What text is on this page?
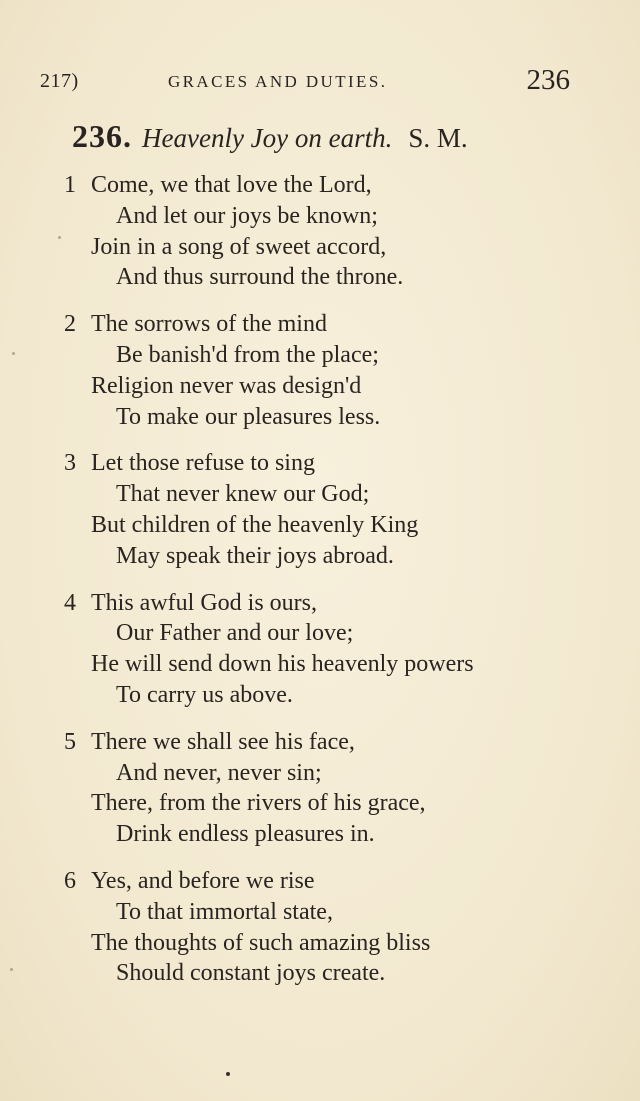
217)	GRACES AND DUTIES.	236
236. Heavenly Joy on earth. S. M.
1 Come, we that love the Lord,
And let our joys be known;
Join in a song of sweet accord,
And thus surround the throne.
2 The sorrows of the mind
Be banish'd from the place;
Religion never was design'd
To make our pleasures less.
3 Let those refuse to sing
That never knew our God;
But children of the heavenly King
May speak their joys abroad.
4 This awful God is ours,
Our Father and our love;
He will send down his heavenly powers
To carry us above.
5 There we shall see his face,
And never, never sin;
There, from the rivers of his grace,
Drink endless pleasures in.
6 Yes, and before we rise
To that immortal state,
The thoughts of such amazing bliss
Should constant joys create.
